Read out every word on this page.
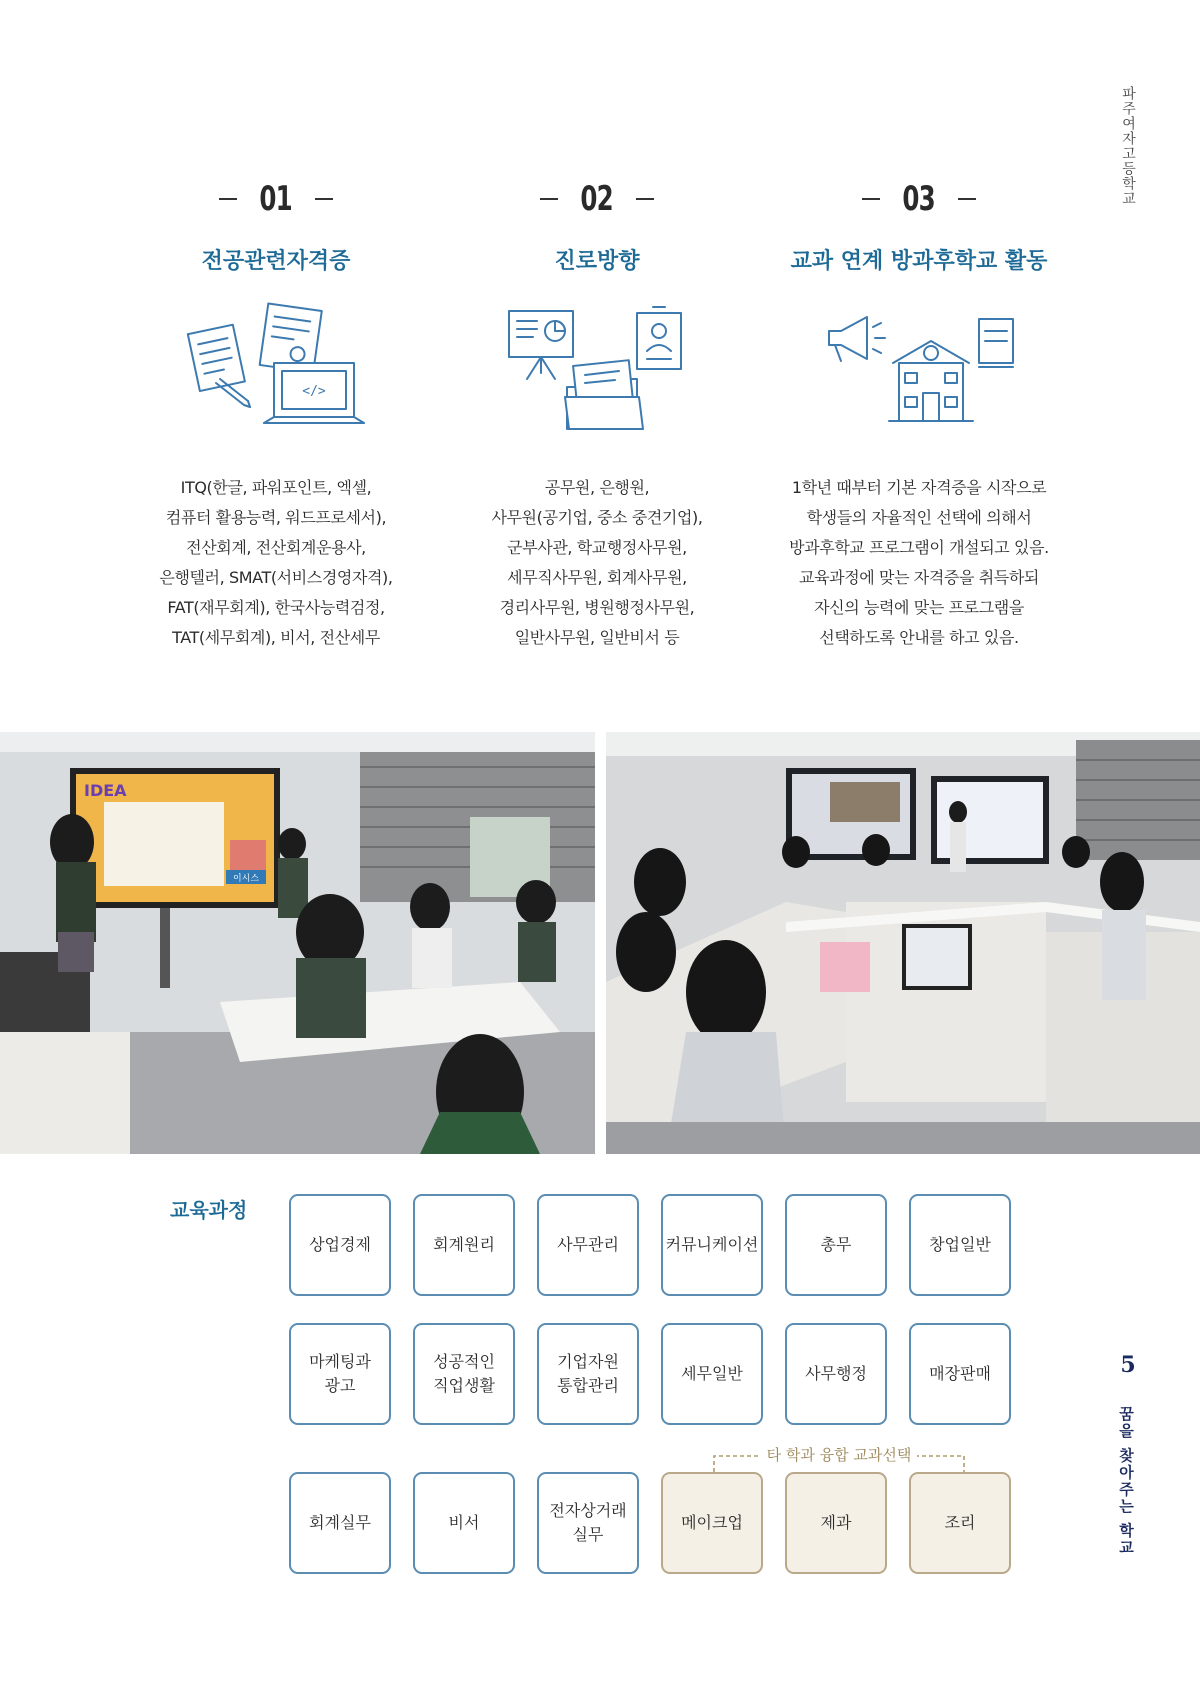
파주여자고등학교
5
꿈을 찾아주는 학교
01
전공관련자격증
</>
ITQ(한글, 파워포인트, 엑셀,
컴퓨터 활용능력, 워드프로세서),
전산회계, 전산회계운용사,
은행텔러, SMAT(서비스경영자격),
FAT(재무회계), 한국사능력검정,
TAT(세무회계), 비서, 전산세무
02
진로방향
공무원, 은행원,
사무원(공기업, 중소 중견기업),
군부사관, 학교행정사무원,
세무직사무원, 회계사무원,
경리사무원, 병원행정사무원,
일반사무원, 일반비서 등
03
교과 연계 방과후학교 활동
1학년 때부터 기본 자격증을 시작으로
학생들의 자율적인 선택에 의해서
방과후학교 프로그램이 개설되고 있음.
교육과정에 맞는 자격증을 취득하되
자신의 능력에 맞는 프로그램을
선택하도록 안내를 하고 있음.
IDEA
이시스
교육과정
상업경제	회계원리	사무관리	커뮤니케이션	총무	창업일반
마케팅과
광고
성공적인
직업생활
기업자원
통합관리
세무일반	사무행정	매장판매
타 학과 융합 교과선택
회계실무	비서
전자상거래
실무
메이크업	제과	조리
